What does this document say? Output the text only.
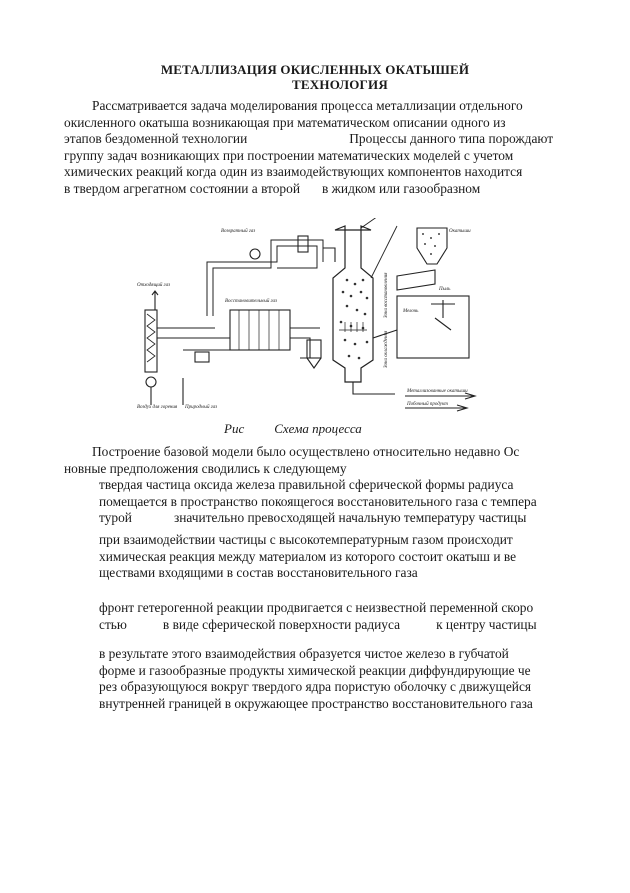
МЕТАЛЛИЗАЦИЯ ОКИСЛЕННЫХ ОКАТЫШЕЙ
ТЕХНОЛОГИЯ
Рассматривается задача моделирования процесса металлизации отдельного
окисленного окатыша возникающая при математическом описании одного из
этапов бездоменной технологии	Процессы данного типа порождают
группу задач возникающих при построении математических моделей с учетом
химических реакций когда один из взаимодействующих компонентов находится
в твердом агрегатном состоянии а второй в жидком или газообразном
Воздух для горения Природный газ
Отходящий газ
Возвратный газ
Восстановительный газ	Зона восстановления
Зона охлаждения
Металлизованные окатыши
Побочный продукт
Окатыши
Мелочь
Пыль
Рис Схема процесса
Построение базовой модели было осуществлено относительно недавно Ос
новные предположения сводились к следующему
твердая частица оксида железа правильной сферической формы радиуса
помещается в пространство покоящегося восстановительного газа с темпера
турой	значительно превосходящей начальную температуру частицы
при взаимодействии частицы с высокотемпературным газом происходит
химическая реакция между материалом из которого состоит окатыш и ве
ществами входящими в состав восстановительного газа
фронт гетерогенной реакции продвигается с неизвестной переменной скоро
стью	в виде сферической поверхности радиуса	к центру частицы
в результате этого взаимодействия образуется чистое железо в губчатой
форме и газообразные продукты химической реакции диффундирующие че
рез образующуюся вокруг твердого ядра пористую оболочку с движущейся
внутренней границей в окружающее пространство восстановительного газа
